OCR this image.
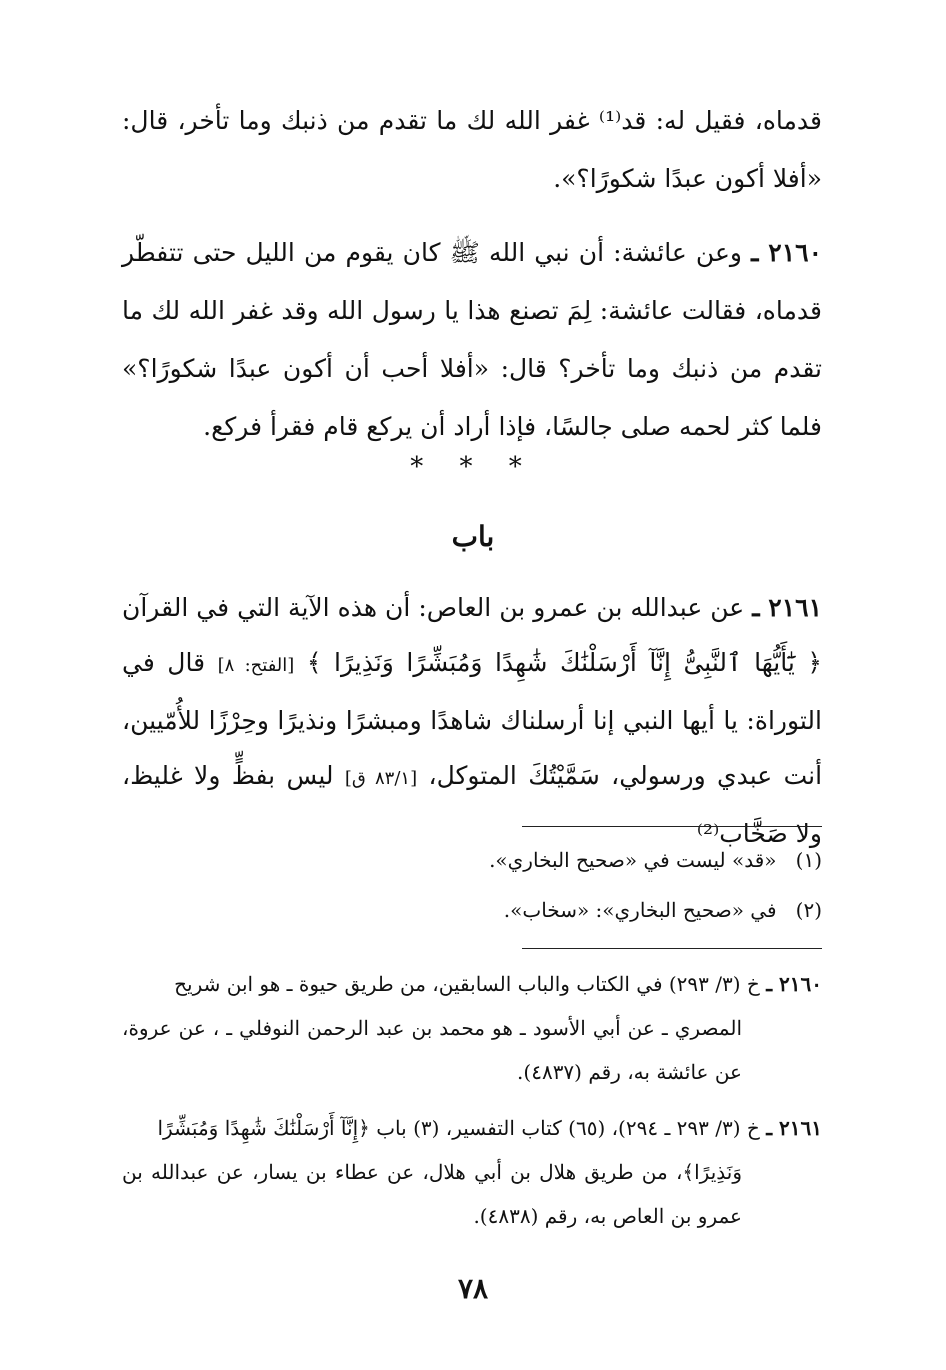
قدماه، فقيل له: قد⁽¹⁾ غفر الله لك ما تقدم من ذنبك وما تأخر، قال: «أفلا أكون عبدًا شكورًا؟».

٢١٦٠ ـ وعن عائشة: أن نبي الله ﷺ كان يقوم من الليل حتى تتفطّر قدماه، فقالت عائشة: لِمَ تصنع هذا يا رسول الله وقد غفر الله لك ما تقدم من ذنبك وما تأخر؟ قال: «أفلا أحب أن أكون عبدًا شكورًا؟» فلما كثر لحمه صلى جالسًا، فإذا أراد أن يركع قام فقرأ فركع.

* * *
باب

٢١٦١ ـ عن عبدالله بن عمرو بن العاص: أن هذه الآية التي في القرآن ﴿ يَٰٓأَيُّهَا ٱلنَّبِىُّ إِنَّآ أَرْسَلْنَٰكَ شَٰهِدًا وَمُبَشِّرًا وَنَذِيرًا ﴾ [الفتح: ٨] قال في التوراة: يا أيها النبي إنا أرسلناك شاهدًا ومبشرًا ونذيرًا وحِرْزًا للأُمّيين، أنت عبدي ورسولي، سَمَّيْتُكَ المتوكل، [٨٣/١ ق] ليس بفظٍّ ولا غليظ، ولا صَخَّاب⁽²⁾

(١)   «قد» ليست في «صحيح البخاري».
(٢)   في «صحيح البخاري»: «سخاب».
٢١٦٠ ـ خ (٣/ ٢٩٣) في الكتاب والباب السابقين، من طريق حيوة ـ هو ابن شريح
المصري ـ عن أبي الأسود ـ هو محمد بن عبد الرحمن النوفلي ـ ، عن عروة، عن عائشة به، رقم (٤٨٣٧).
٢١٦١ ـ خ (٣/ ٢٩٣ ـ ٢٩٤)، (٦٥) كتاب التفسير، (٣) باب ﴿إِنَّآ أَرْسَلْنَٰكَ شَٰهِدًا وَمُبَشِّرًا
وَنَذِيرًا﴾، من طريق هلال بن أبي هلال، عن عطاء بن يسار، عن عبدالله بن عمرو بن العاص به، رقم (٤٨٣٨).
٧٨
